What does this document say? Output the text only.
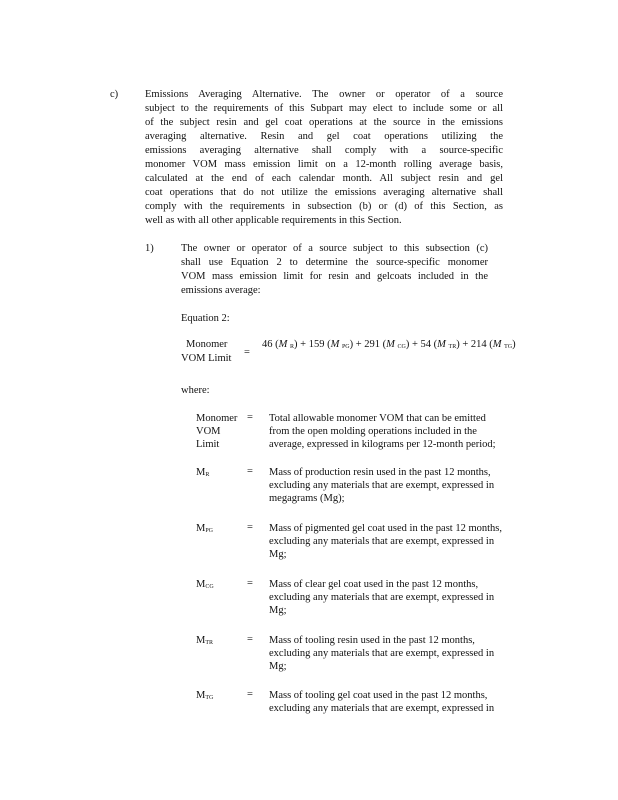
c)	Emissions Averaging Alternative. The owner or operator of a source
subject to the requirements of this Subpart may elect to include some or all
of the subject resin and gel coat operations at the source in the emissions
averaging alternative. Resin and gel coat operations utilizing the
emissions averaging alternative shall comply with a source-specific
monomer VOM mass emission limit on a 12-month rolling average basis,
calculated at the end of each calendar month. All subject resin and gel
coat operations that do not utilize the emissions averaging alternative shall
comply with the requirements in subsection (b) or (d) of this Section, as
well as with all other applicable requirements in this Section.
1)	The owner or operator of a source subject to this subsection (c)
shall use Equation 2 to determine the source-specific monomer
VOM mass emission limit for resin and gelcoats included in the
emissions average:
Equation 2:
Monomer
VOM Limit
=
46 (M $_R$) + 159 (M $_{PG}$) + 291 (M $_{CG}$) + 54 (M $_{TR}$) + 214 (M $_{TG}$)
where:
Monomer
VOM
Limit
= Total allowable monomer VOM that can be emitted
from the open molding operations included in the
average, expressed in kilograms per 12-month period;
$M_R$	= Mass of production resin used in the past 12 months,
excluding any materials that are exempt, expressed in
megagrams (Mg);
$M_{PG}$	= Mass of pigmented gel coat used in the past 12 months,
excluding any materials that are exempt, expressed in
Mg;
$M_{CG}$	= Mass of clear gel coat used in the past 12 months,
excluding any materials that are exempt, expressed in
Mg;
$M_{TR}$	= Mass of tooling resin used in the past 12 months,
excluding any materials that are exempt, expressed in
Mg;
$M_{TG}$	= Mass of tooling gel coat used in the past 12 months,
excluding any materials that are exempt, expressed in
